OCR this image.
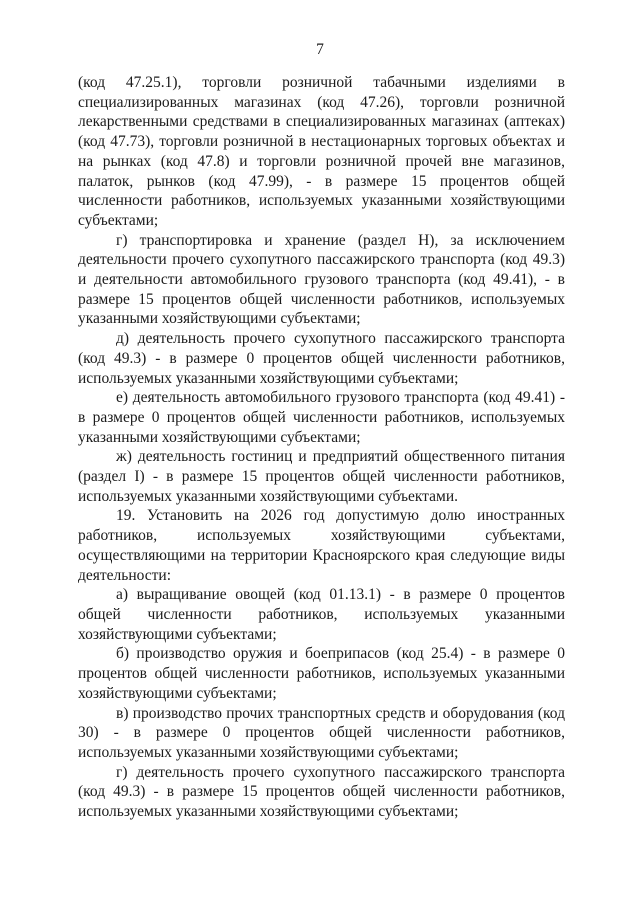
7

(код 47.25.1), торговли розничной табачными изделиями в специализированных магазинах (код 47.26), торговли розничной лекарственными средствами в специализированных магазинах (аптеках) (код 47.73), торговли розничной в нестационарных торговых объектах и на рынках (код 47.8) и торговли розничной прочей вне магазинов, палаток, рынков (код 47.99), - в размере 15 процентов общей численности работников, используемых указанными хозяйствующими субъектами;

г) транспортировка и хранение (раздел Н), за исключением деятельности прочего сухопутного пассажирского транспорта (код 49.3) и деятельности автомобильного грузового транспорта (код 49.41), - в размере 15 процентов общей численности работников, используемых указанными хозяйствующими субъектами;

д) деятельность прочего сухопутного пассажирского транспорта (код 49.3) - в размере 0 процентов общей численности работников, используемых указанными хозяйствующими субъектами;

е) деятельность автомобильного грузового транспорта (код 49.41) - в размере 0 процентов общей численности работников, используемых указанными хозяйствующими субъектами;

ж) деятельность гостиниц и предприятий общественного питания (раздел I) - в размере 15 процентов общей численности работников, используемых указанными хозяйствующими субъектами.

19. Установить на 2026 год допустимую долю иностранных работников, используемых хозяйствующими субъектами, осуществляющими на территории Красноярского края следующие виды деятельности:

а) выращивание овощей (код 01.13.1) - в размере 0 процентов общей численности работников, используемых указанными хозяйствующими субъектами;

б) производство оружия и боеприпасов (код 25.4) - в размере 0 процентов общей численности работников, используемых указанными хозяйствующими субъектами;

в) производство прочих транспортных средств и оборудования (код 30) - в размере 0 процентов общей численности работников, используемых указанными хозяйствующими субъектами;

г) деятельность прочего сухопутного пассажирского транспорта (код 49.3) - в размере 15 процентов общей численности работников, используемых указанными хозяйствующими субъектами;
